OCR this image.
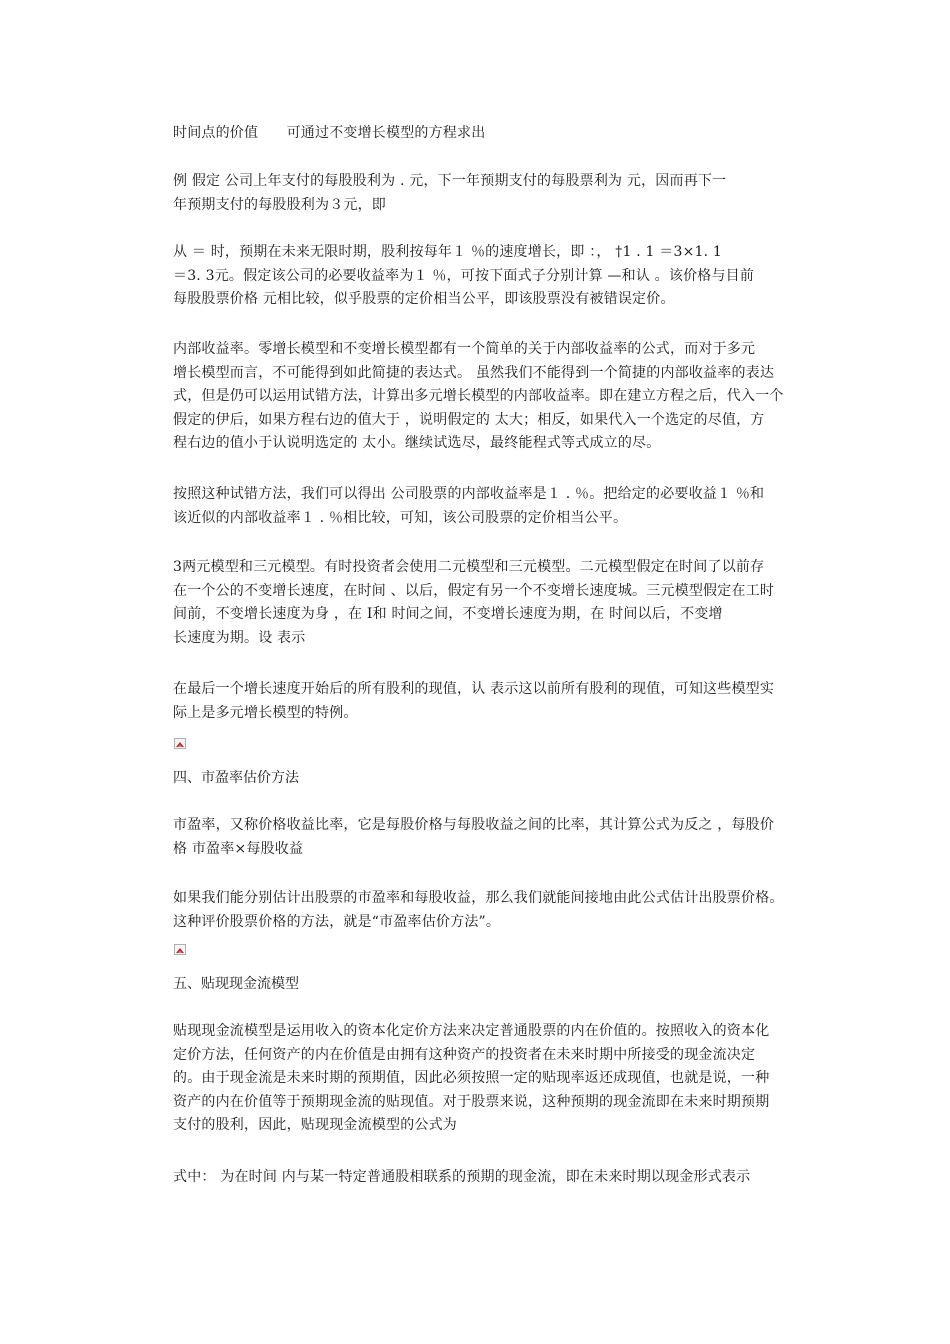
时间点的价值　　可通过不变增长模型的方程求出
例 假定 公司上年支付的每股股利为 . 元，下一年预期支付的每股票利为 元，因而再下一
年预期支付的每股股利为３元，即
从 ＝ 时，预期在未来无限时期，股利按每年１ ％的速度增长，即 ：， †1 . 1 ＝3×1. 1
＝3. 3元。假定该公司的必要收益率为１ ％，可按下面式子分别计算 —和认 。该价格与目前
每股股票价格 元相比较，似乎股票的定价相当公平，即该股票没有被错误定价。
内部收益率。零增长模型和不变增长模型都有一个简单的关于内部收益率的公式，而对于多元
增长模型而言，不可能得到如此简捷的表达式。 虽然我们不能得到一个简捷的内部收益率的表达
式，但是仍可以运用试错方法，计算出多元增长模型的内部收益率。即在建立方程之后，代入一个
假定的伊后，如果方程右边的值大于 ，说明假定的 太大；相反，如果代入一个选定的尽值，方
程右边的值小于认说明选定的 太小。继续试选尽，最终能程式等式成立的尽。
按照这种试错方法，我们可以得出 公司股票的内部收益率是１ . ％。把给定的必要收益１ ％和
该近似的内部收益率１ . ％相比较，可知，该公司股票的定价相当公平。
3两元模型和三元模型。有时投资者会使用二元模型和三元模型。二元模型假定在时间了以前存
在一个公的不变增长速度，在时间 、以后，假定有另一个不变增长速度城。三元模型假定在工时
间前，不变增长速度为身 ，在 I和 时间之间，不变增长速度为期，在 时间以后，不变增
长速度为期。设 表示
在最后一个增长速度开始后的所有股利的现值，认 表示这以前所有股利的现值，可知这些模型实
际上是多元增长模型的特例。
四、市盈率估价方法
市盈率，又称价格收益比率，它是每股价格与每股收益之间的比率，其计算公式为反之 ，每股价
格 市盈率×每股收益
如果我们能分别估计出股票的市盈率和每股收益，那么我们就能间接地由此公式估计出股票价格。
这种评价股票价格的方法，就是“市盈率估价方法”。
五、贴现现金流模型
贴现现金流模型是运用收入的资本化定价方法来决定普通股票的内在价值的。按照收入的资本化
定价方法，任何资产的内在价值是由拥有这种资产的投资者在未来时期中所接受的现金流决定
的。由于现金流是未来时期的预期值，因此必须按照一定的贴现率返还成现值，也就是说，一种
资产的内在价值等于预期现金流的贴现值。对于股票来说，这种预期的现金流即在未来时期预期
支付的股利，因此，贴现现金流模型的公式为
式中： 为在时间 内与某一特定普通股相联系的预期的现金流，即在未来时期以现金形式表示
